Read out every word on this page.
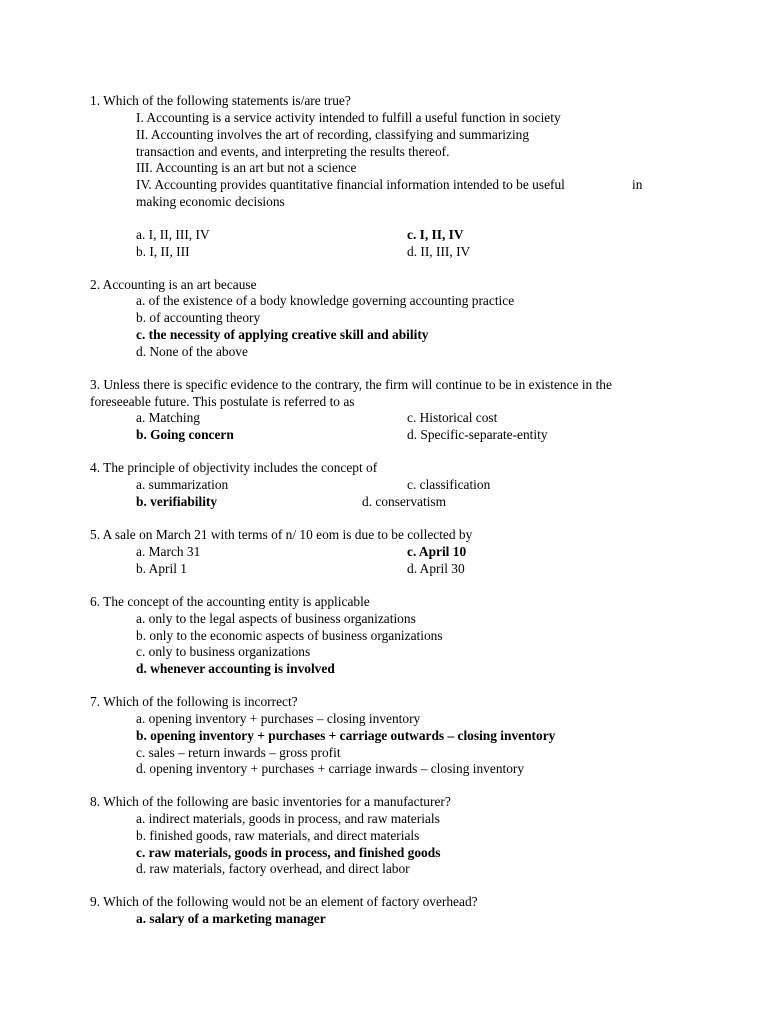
1. Which of the following statements is/are true?
I. Accounting is a service activity intended to fulfill a useful function in society
II. Accounting involves the art of recording, classifying and summarizing
transaction and events, and interpreting the results thereof.
III. Accounting is an art but not a science
IV. Accounting provides quantitative financial information intended to be useful	in
making economic decisions
a. I, II, III, IV
b. I, II, III
c. I, II, IV
d. II, III, IV
2. Accounting is an art because
a. of the existence of a body knowledge governing accounting practice
b. of accounting theory
c. the necessity of applying creative skill and ability
d. None of the above
3. Unless there is specific evidence to the contrary, the firm will continue to be in existence in the
foreseeable future. This postulate is referred to as
a. Matching
b. Going concern
c. Historical cost
d. Specific-separate-entity
4. The principle of objectivity includes the concept of
a. summarization
b. verifiability
c. classification
d. conservatism
5. A sale on March 21 with terms of n/ 10 eom is due to be collected by
a. March 31
b. April 1
c. April 10
d. April 30
6. The concept of the accounting entity is applicable
a. only to the legal aspects of business organizations
b. only to the economic aspects of business organizations
c. only to business organizations
d. whenever accounting is involved
7. Which of the following is incorrect?
a. opening inventory + purchases – closing inventory
b. opening inventory + purchases + carriage outwards – closing inventory
c. sales – return inwards – gross profit
d. opening inventory + purchases + carriage inwards – closing inventory
8. Which of the following are basic inventories for a manufacturer?
a. indirect materials, goods in process, and raw materials
b. finished goods, raw materials, and direct materials
c. raw materials, goods in process, and finished goods
d. raw materials, factory overhead, and direct labor
9. Which of the following would not be an element of factory overhead?
a. salary of a marketing manager
